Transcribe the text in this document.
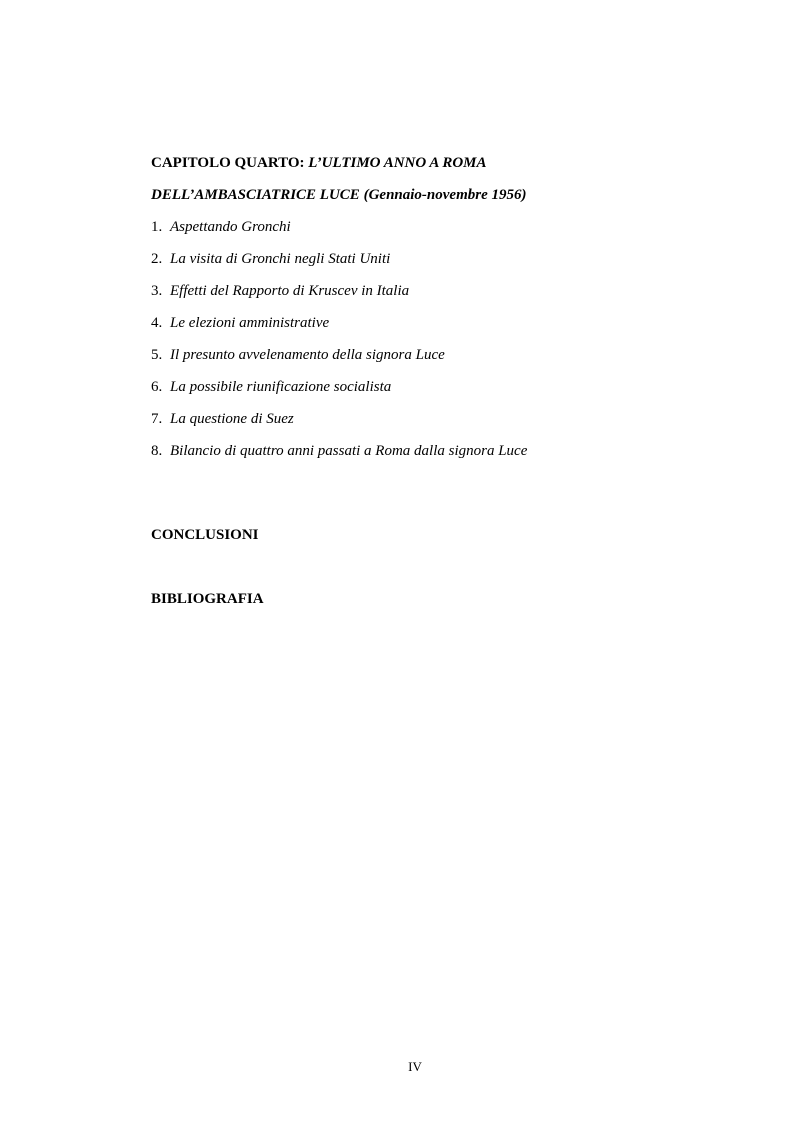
CAPITOLO QUARTO: L’ULTIMO ANNO A ROMA
DELL’AMBASCIATRICE LUCE (Gennaio-novembre 1956)
1. Aspettando Gronchi
2. La visita di Gronchi negli Stati Uniti
3. Effetti del Rapporto di Kruscev in Italia
4. Le elezioni amministrative
5. Il presunto avvelenamento della signora Luce
6. La possibile riunificazione socialista
7. La questione di Suez
8. Bilancio di quattro anni passati a Roma dalla signora Luce
CONCLUSIONI
BIBLIOGRAFIA
IV
